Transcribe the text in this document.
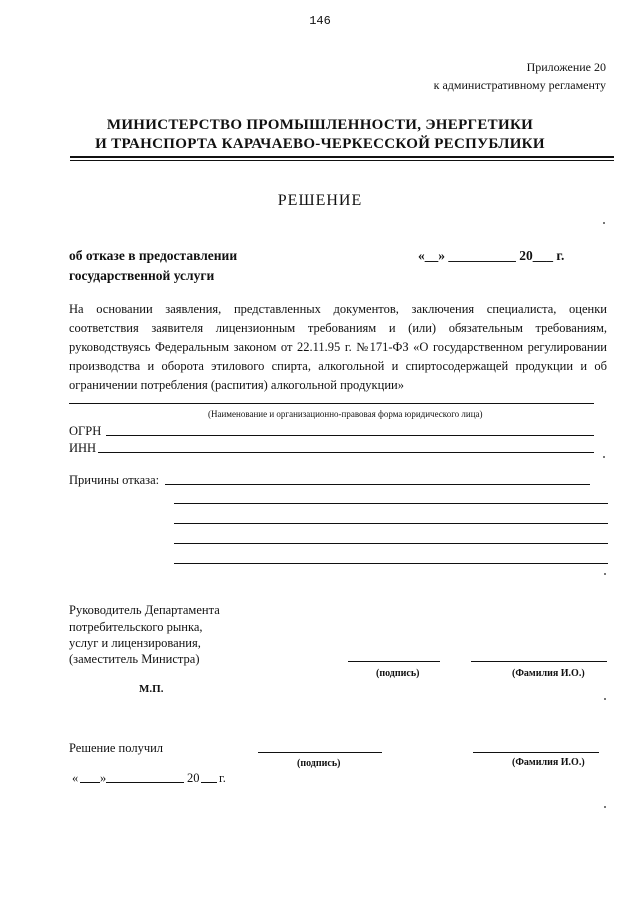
146
Приложение 20
к административному регламенту
МИНИСТЕРСТВО ПРОМЫШЛЕННОСТИ, ЭНЕРГЕТИКИ
И ТРАНСПОРТА КАРАЧАЕВО-ЧЕРКЕССКОЙ РЕСПУБЛИКИ
РЕШЕНИЕ
об отказе в предоставлении
государственной услуги
«__» __________ 20___ г.
На основании заявления, представленных документов, заключения специалиста, оценки соответствия заявителя лицензионным требованиям и (или) обязательным требованиям, руководствуясь Федеральным законом от 22.11.95 г. №171-ФЗ «О государственном регулировании производства и оборота этилового спирта, алкогольной и спиртосодержащей продукции и об ограничении потребления (распития) алкогольной продукции»
(Наименование и организационно-правовая форма юридического лица)
ОГРН
ИНН
Причины отказа:
Руководитель Департамента
потребительского рынка,
услуг и лицензирования,
(заместитель Министра)
(подпись)	(Фамилия И.О.)
М.П.
Решение получил
(подпись)	(Фамилия И.О.)
« »	20 г.
